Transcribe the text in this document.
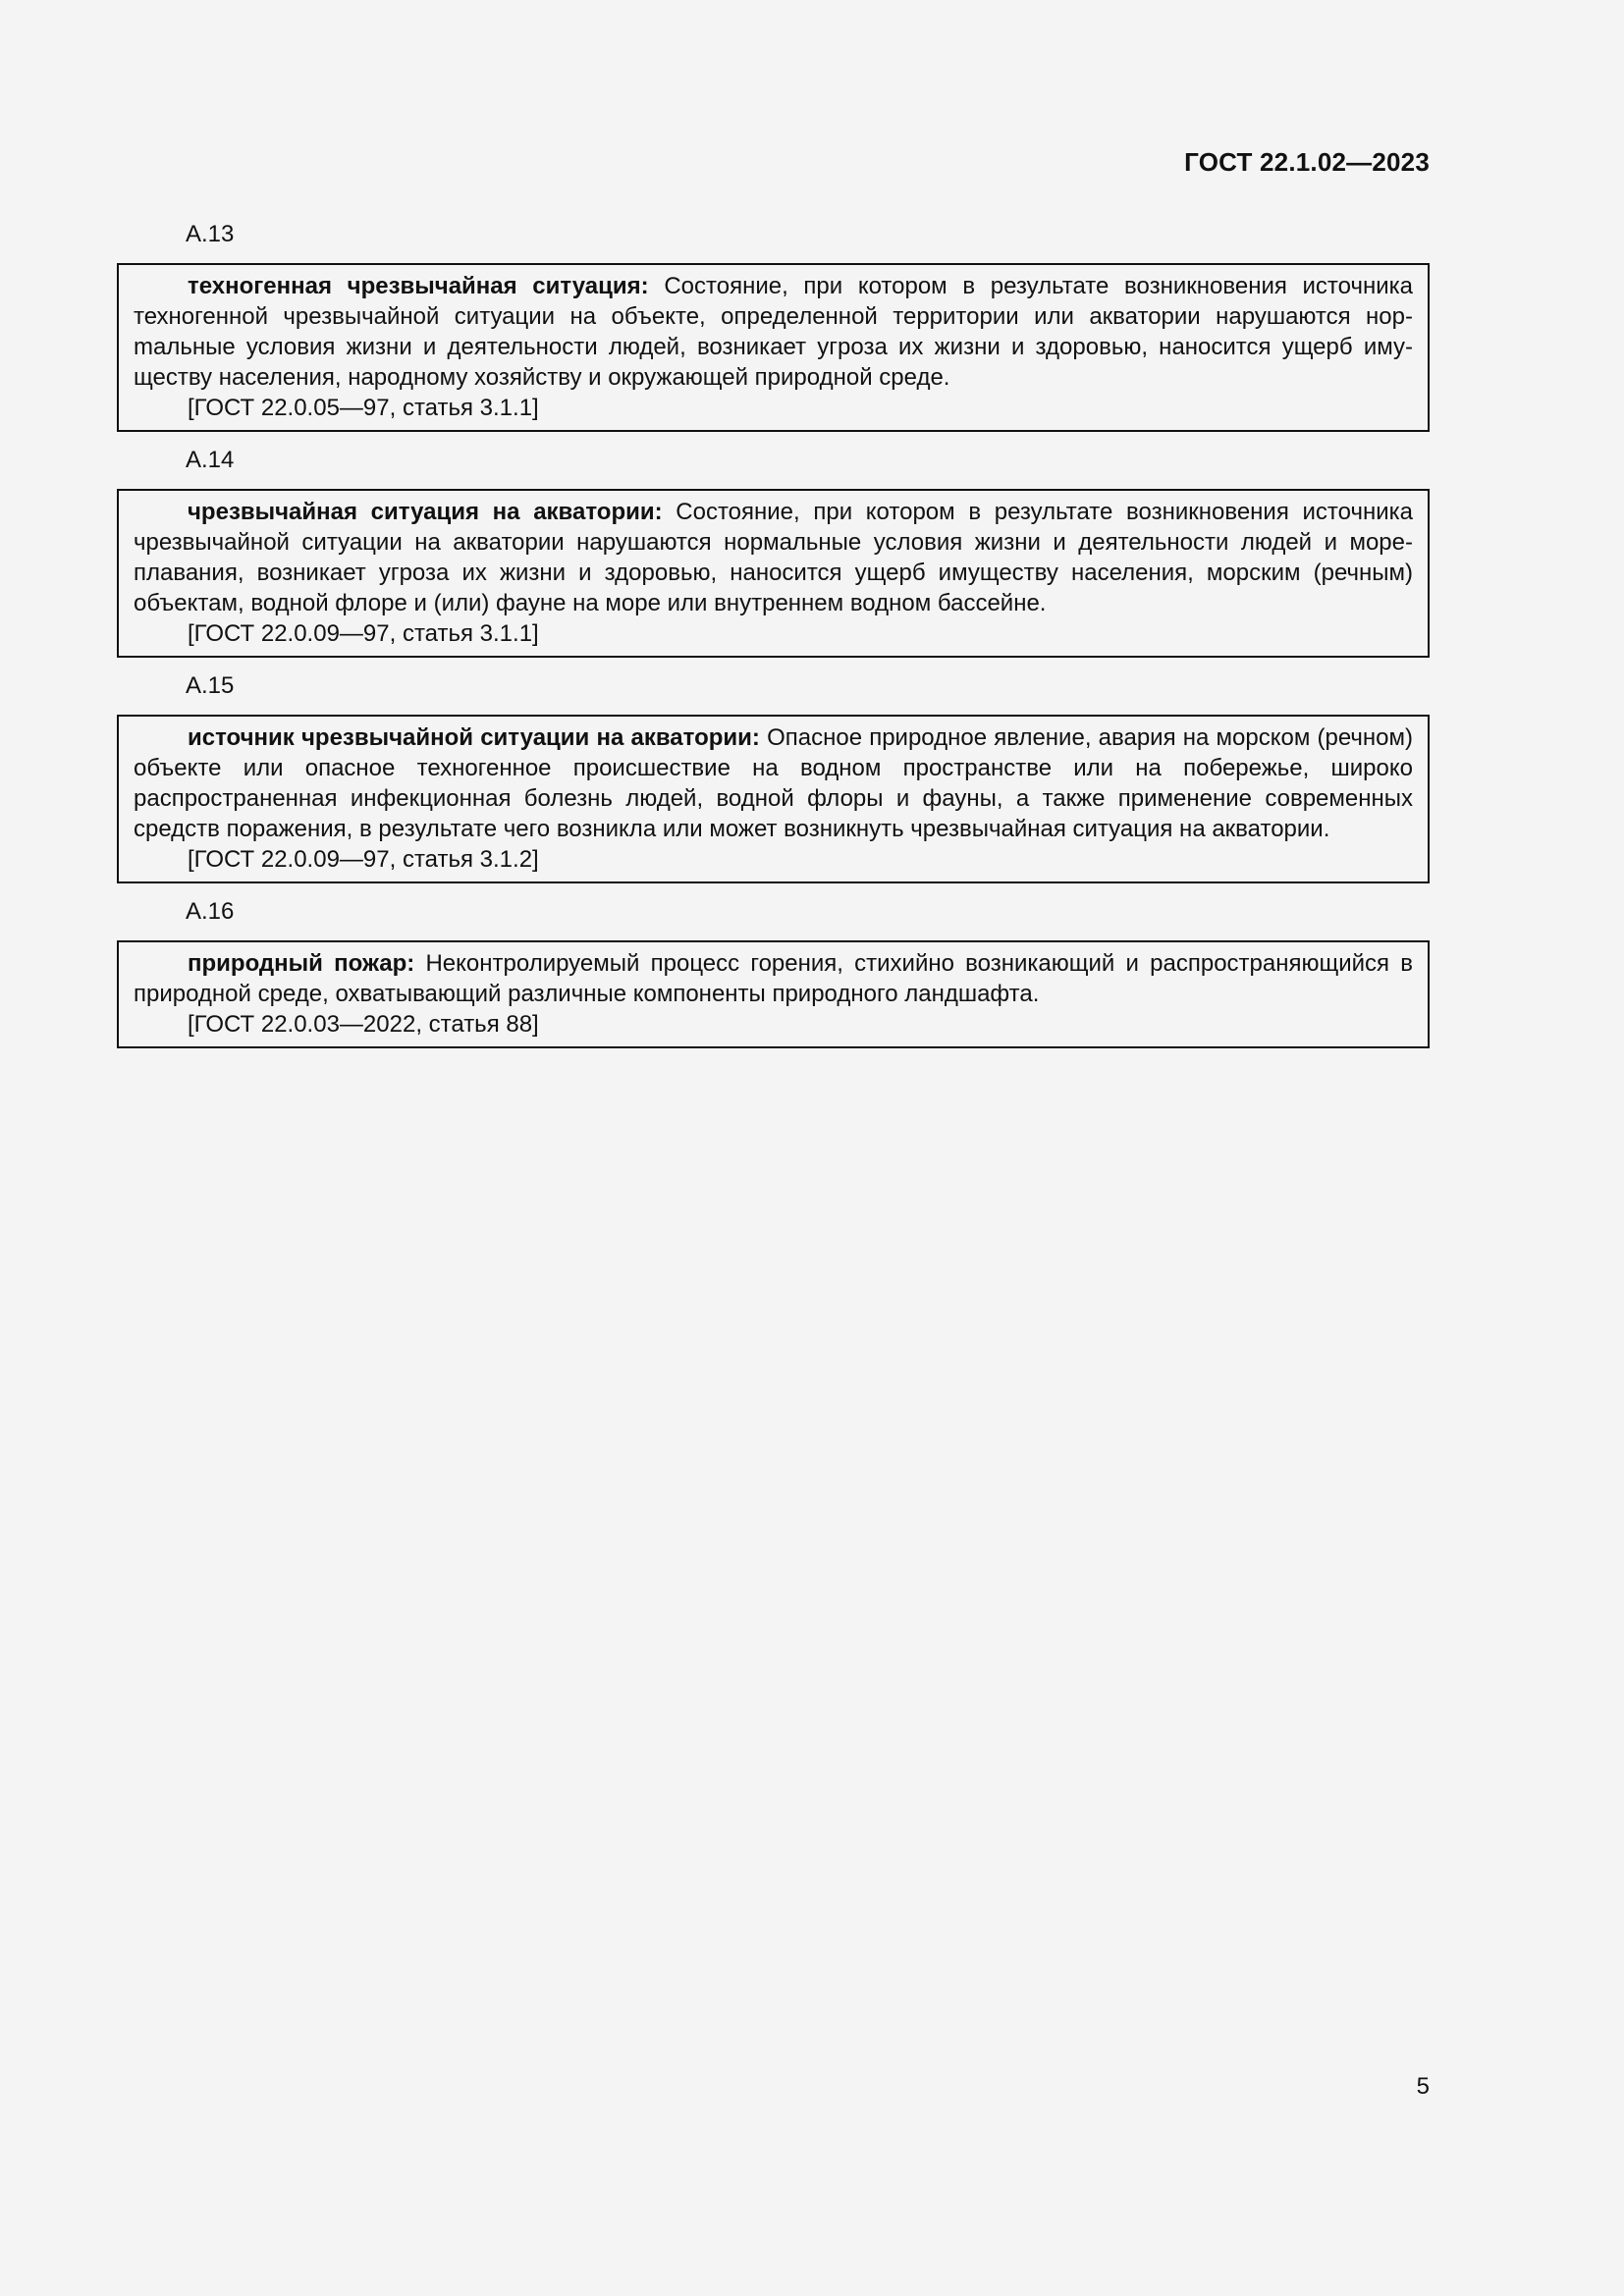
ГОСТ 22.1.02—2023
А.13

техногенная чрезвычайная ситуация: Состояние, при котором в результате возникновения источника техногенной чрезвычайной ситуации на объекте, определенной территории или акватории нарушаются норmальные условия жизни и деятельности людей, возникает угроза их жизни и здоровью, наносится ущерб имуществу населения, народному хозяйству и окружающей природной среде.

[ГОСТ 22.0.05—97, статья 3.1.1]

А.14

чрезвычайная ситуация на акватории: Состояние, при котором в результате возникновения источника чрезвычайной ситуации на акватории нарушаются нормальные условия жизни и деятельности людей и мореплавания, возникает угроза их жизни и здоровью, наносится ущерб имуществу населения, морским (речным) объектам, водной флоре и (или) фауне на море или внутреннем водном бассейне.

[ГОСТ 22.0.09—97, статья 3.1.1]

А.15

источник чрезвычайной ситуации на акватории: Опасное природное явление, авария на морском (речном) объекте или опасное техногенное происшествие на водном пространстве или на побережье, широко распространенная инфекционная болезнь людей, водной флоры и фауны, а также применение современных средств поражения, в результате чего возникла или может возникнуть чрезвычайная ситуация на акватории.

[ГОСТ 22.0.09—97, статья 3.1.2]

А.16

природный пожар: Неконтролируемый процесс горения, стихийно возникающий и распространяющийся в природной среде, охватывающий различные компоненты природного ландшафта.

[ГОСТ 22.0.03—2022, статья 88]

5
